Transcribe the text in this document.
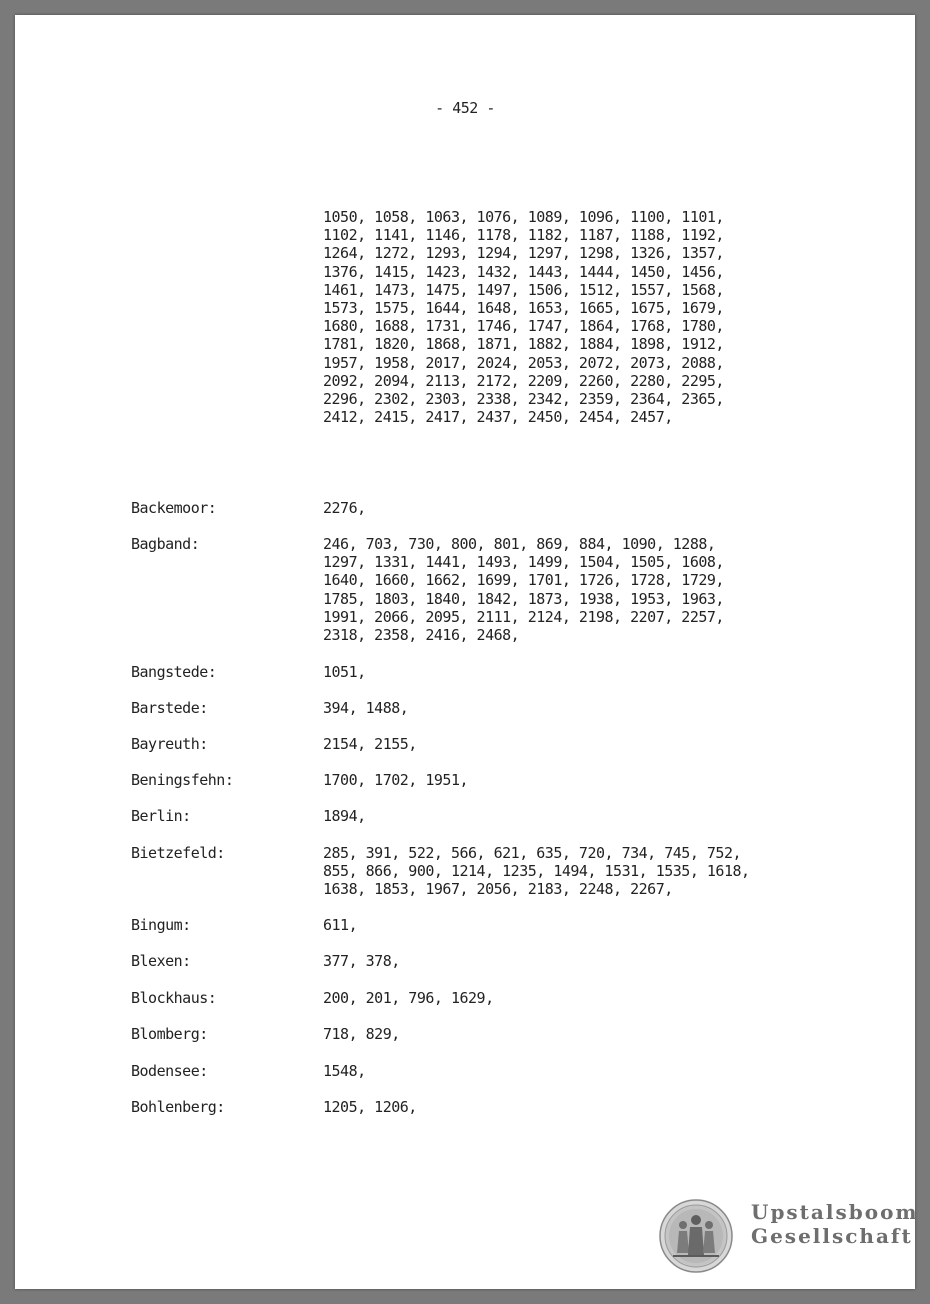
- 452 -
1050, 1058, 1063, 1076, 1089, 1096, 1100, 1101,
1102, 1141, 1146, 1178, 1182, 1187, 1188, 1192,
1264, 1272, 1293, 1294, 1297, 1298, 1326, 1357,
1376, 1415, 1423, 1432, 1443, 1444, 1450, 1456,
1461, 1473, 1475, 1497, 1506, 1512, 1557, 1568,
1573, 1575, 1644, 1648, 1653, 1665, 1675, 1679,
1680, 1688, 1731, 1746, 1747, 1864, 1768, 1780,
1781, 1820, 1868, 1871, 1882, 1884, 1898, 1912,
1957, 1958, 2017, 2024, 2053, 2072, 2073, 2088,
2092, 2094, 2113, 2172, 2209, 2260, 2280, 2295,
2296, 2302, 2303, 2338, 2342, 2359, 2364, 2365,
2412, 2415, 2417, 2437, 2450, 2454, 2457,
Backemoor:	2276,
Bagband:	246, 703, 730, 800, 801, 869, 884, 1090, 1288,
1297, 1331, 1441, 1493, 1499, 1504, 1505, 1608,
1640, 1660, 1662, 1699, 1701, 1726, 1728, 1729,
1785, 1803, 1840, 1842, 1873, 1938, 1953, 1963,
1991, 2066, 2095, 2111, 2124, 2198, 2207, 2257,
2318, 2358, 2416, 2468,
Bangstede:	1051,
Barstede:	394, 1488,
Bayreuth:	2154, 2155,
Beningsfehn:	1700, 1702, 1951,
Berlin:	1894,
Bietzefeld:	285, 391, 522, 566, 621, 635, 720, 734, 745, 752,
855, 866, 900, 1214, 1235, 1494, 1531, 1535, 1618,
1638, 1853, 1967, 2056, 2183, 2248, 2267,
Bingum:	611,
Blexen:	377, 378,
Blockhaus:	200, 201, 796, 1629,
Blomberg:	718, 829,
Bodensee:	1548,
Bohlenberg:	1205, 1206,
Upstalsboom
Gesellschaft
